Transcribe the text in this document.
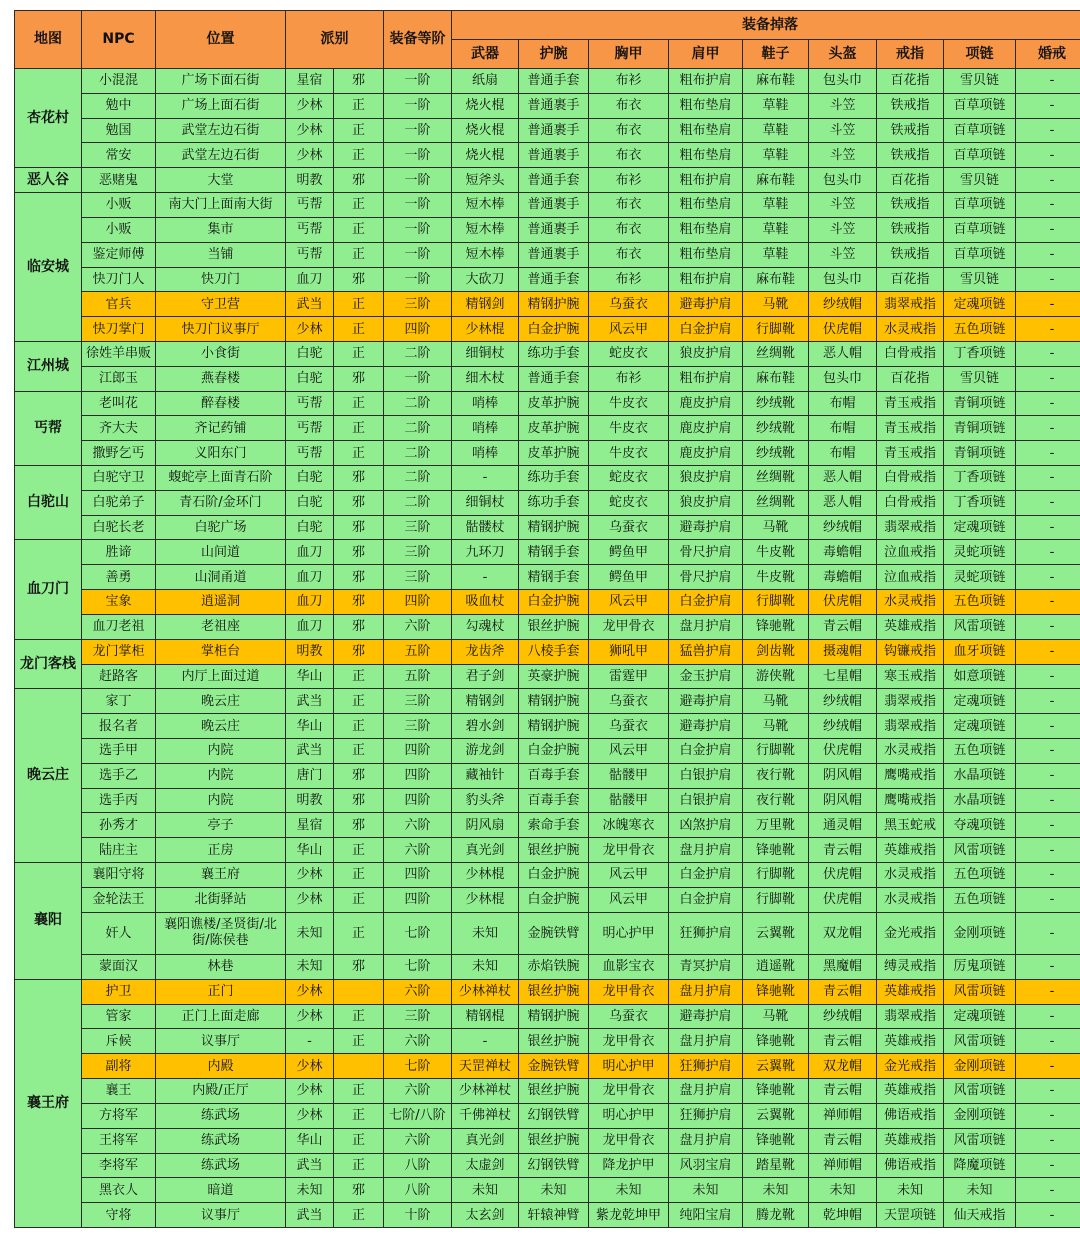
地图	NPC	位置	派别		装备等阶	装备掉落								
						武器	护腕	胸甲	肩甲	鞋子	头盔	戒指	项链	婚戒
杏花村	小混混	广场下面石街	星宿	邪	一阶	纸扇	普通手套	布衫	粗布护肩	麻布鞋	包头巾	百花指	雪贝链	-
	勉中	广场上面石街	少林	正	一阶	烧火棍	普通裹手	布衣	粗布垫肩	草鞋	斗笠	铁戒指	百草项链	-
	勉国	武堂左边石街	少林	正	一阶	烧火棍	普通裹手	布衣	粗布垫肩	草鞋	斗笠	铁戒指	百草项链	-
	常安	武堂左边石街	少林	正	一阶	烧火棍	普通裹手	布衣	粗布垫肩	草鞋	斗笠	铁戒指	百草项链	-
恶人谷	恶赌鬼	大堂	明教	邪	一阶	短斧头	普通手套	布衫	粗布护肩	麻布鞋	包头巾	百花指	雪贝链	-
临安城	小贩	南大门上面南大街	丐帮	正	一阶	短木棒	普通裹手	布衣	粗布垫肩	草鞋	斗笠	铁戒指	百草项链	-
	小贩	集市	丐帮	正	一阶	短木棒	普通裹手	布衣	粗布垫肩	草鞋	斗笠	铁戒指	百草项链	-
	鉴定师傅	当铺	丐帮	正	一阶	短木棒	普通裹手	布衣	粗布垫肩	草鞋	斗笠	铁戒指	百草项链	-
	快刀门人	快刀门	血刀	邪	一阶	大砍刀	普通手套	布衫	粗布护肩	麻布鞋	包头巾	百花指	雪贝链	-
	官兵	守卫营	武当	正	三阶	精钢剑	精钢护腕	乌蚕衣	避毒护肩	马靴	纱绒帽	翡翠戒指	定魂项链	-
	快刀掌门	快刀门议事厅	少林	正	四阶	少林棍	白金护腕	风云甲	白金护肩	行脚靴	伏虎帽	水灵戒指	五色项链	-
江州城	徐姓羊串贩	小食街	白驼	正	二阶	细铜杖	练功手套	蛇皮衣	狼皮护肩	丝绸靴	恶人帽	白骨戒指	丁香项链	-
	江郎玉	燕春楼	白驼	邪	一阶	细木杖	普通手套	布衫	粗布护肩	麻布鞋	包头巾	百花指	雪贝链	-
丐帮	老叫花	醉春楼	丐帮	正	二阶	哨棒	皮革护腕	牛皮衣	鹿皮护肩	纱绒靴	布帽	青玉戒指	青铜项链	-
	齐大夫	齐记药铺	丐帮	正	二阶	哨棒	皮革护腕	牛皮衣	鹿皮护肩	纱绒靴	布帽	青玉戒指	青铜项链	-
	撒野乞丐	义阳东门	丐帮	正	二阶	哨棒	皮革护腕	牛皮衣	鹿皮护肩	纱绒靴	布帽	青玉戒指	青铜项链	-
白驼山	白驼守卫	蝮蛇亭上面青石阶	白驼	邪	二阶	-	练功手套	蛇皮衣	狼皮护肩	丝绸靴	恶人帽	白骨戒指	丁香项链	-
	白驼弟子	青石阶/金环门	白驼	邪	二阶	细铜杖	练功手套	蛇皮衣	狼皮护肩	丝绸靴	恶人帽	白骨戒指	丁香项链	-
	白驼长老	白驼广场	白驼	邪	三阶	骷髅杖	精钢护腕	乌蚕衣	避毒护肩	马靴	纱绒帽	翡翠戒指	定魂项链	-
血刀门	胜谛	山间道	血刀	邪	三阶	九环刀	精钢手套	鳄鱼甲	骨尺护肩	牛皮靴	毒蟾帽	泣血戒指	灵蛇项链	-
	善勇	山洞甬道	血刀	邪	三阶	-	精钢手套	鳄鱼甲	骨尺护肩	牛皮靴	毒蟾帽	泣血戒指	灵蛇项链	-
	宝象	逍遥洞	血刀	邪	四阶	吸血杖	白金护腕	风云甲	白金护肩	行脚靴	伏虎帽	水灵戒指	五色项链	-
	血刀老祖	老祖座	血刀	邪	六阶	勾魂杖	银丝护腕	龙甲骨衣	盘月护肩	锋驰靴	青云帽	英雄戒指	风雷项链	-
龙门客栈	龙门掌柜	掌柜台	明教	邪	五阶	龙齿斧	八棱手套	狮吼甲	猛兽护肩	剑齿靴	摄魂帽	钩镰戒指	血牙项链	-
	赶路客	内厅上面过道	华山	正	五阶	君子剑	英豪护腕	雷霆甲	金玉护肩	游侠靴	七星帽	寒玉戒指	如意项链	-
晚云庄	家丁	晚云庄	武当	正	三阶	精钢剑	精钢护腕	乌蚕衣	避毒护肩	马靴	纱绒帽	翡翠戒指	定魂项链	-
	报名者	晚云庄	华山	正	三阶	碧水剑	精钢护腕	乌蚕衣	避毒护肩	马靴	纱绒帽	翡翠戒指	定魂项链	-
	选手甲	内院	武当	正	四阶	游龙剑	白金护腕	风云甲	白金护肩	行脚靴	伏虎帽	水灵戒指	五色项链	-
	选手乙	内院	唐门	邪	四阶	藏袖针	百毒手套	骷髅甲	白银护肩	夜行靴	阴风帽	鹰嘴戒指	水晶项链	-
	选手丙	内院	明教	邪	四阶	豹头斧	百毒手套	骷髅甲	白银护肩	夜行靴	阴风帽	鹰嘴戒指	水晶项链	-
	孙秀才	亭子	星宿	邪	六阶	阴风扇	索命手套	冰魄寒衣	凶煞护肩	万里靴	通灵帽	黑玉蛇戒	夺魂项链	-
	陆庄主	正房	华山	正	六阶	真光剑	银丝护腕	龙甲骨衣	盘月护肩	锋驰靴	青云帽	英雄戒指	风雷项链	-
襄阳	襄阳守将	襄王府	少林	正	四阶	少林棍	白金护腕	风云甲	白金护肩	行脚靴	伏虎帽	水灵戒指	五色项链	-
	金轮法王	北街驿站	少林	正	四阶	少林棍	白金护腕	风云甲	白金护肩	行脚靴	伏虎帽	水灵戒指	五色项链	-
	奸人	襄阳谯楼/圣贤街/北街/陈侯巷	未知	正	七阶	未知	金腕铁臂	明心护甲	狂狮护肩	云翼靴	双龙帽	金光戒指	金刚项链	-
	蒙面汉	林巷	未知	邪	七阶	未知	赤焰铁腕	血影宝衣	青冥护肩	逍遥靴	黑魔帽	缚灵戒指	厉鬼项链	-
襄王府	护卫	正门	少林		六阶	少林禅杖	银丝护腕	龙甲骨衣	盘月护肩	锋驰靴	青云帽	英雄戒指	风雷项链	-
	管家	正门上面走廊	少林	正	三阶	精钢棍	精钢护腕	乌蚕衣	避毒护肩	马靴	纱绒帽	翡翠戒指	定魂项链	-
	斥候	议事厅	-	正	六阶	-	银丝护腕	龙甲骨衣	盘月护肩	锋驰靴	青云帽	英雄戒指	风雷项链	-
	副将	内殿	少林		七阶	天罡禅杖	金腕铁臂	明心护甲	狂狮护肩	云翼靴	双龙帽	金光戒指	金刚项链	-
	襄王	内殿/正厅	少林	正	六阶	少林禅杖	银丝护腕	龙甲骨衣	盘月护肩	锋驰靴	青云帽	英雄戒指	风雷项链	-
	方将军	练武场	少林	正	七阶/八阶	千佛禅杖	幻钢铁臂	明心护甲	狂狮护肩	云翼靴	禅师帽	佛语戒指	金刚项链	-
	王将军	练武场	华山	正	六阶	真光剑	银丝护腕	龙甲骨衣	盘月护肩	锋驰靴	青云帽	英雄戒指	风雷项链	-
	李将军	练武场	武当	正	八阶	太虚剑	幻钢铁臂	降龙护甲	风羽宝肩	踏星靴	禅师帽	佛语戒指	降魔项链	-
	黑衣人	暗道	未知	邪	八阶	未知	未知	未知	未知	未知	未知	未知	未知	-
	守将	议事厅	武当	正	十阶	太玄剑	轩辕神臂	紫龙乾坤甲	纯阳宝肩	腾龙靴	乾坤帽	天罡项链	仙天戒指	-
